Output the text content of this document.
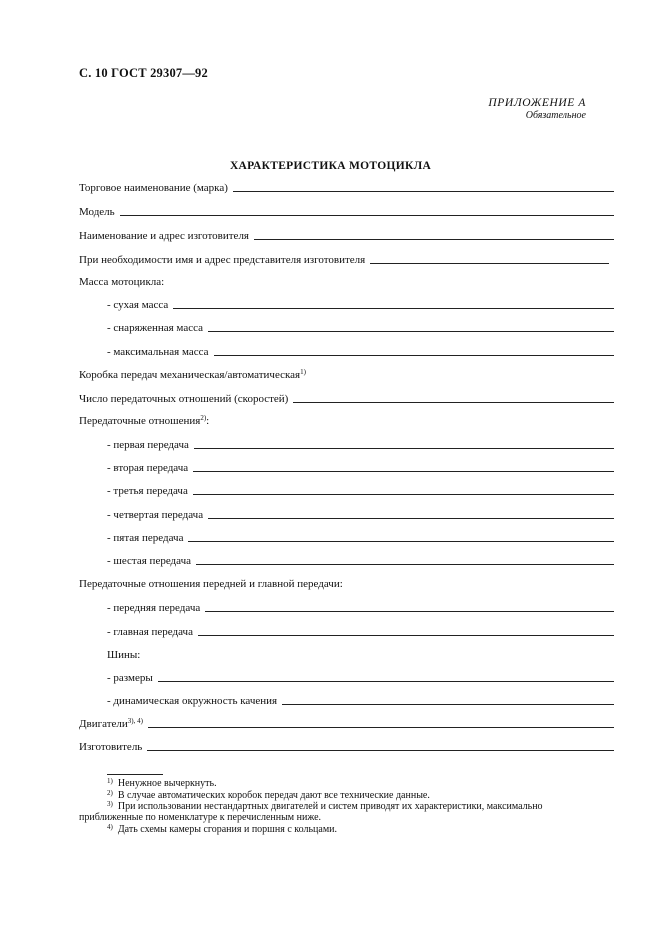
С. 10 ГОСТ 29307—92
ПРИЛОЖЕНИЕ А
Обязательное
ХАРАКТЕРИСТИКА МОТОЦИКЛА
Торговое наименование (марка)
Модель
Наименование и адрес изготовителя
При необходимости имя и адрес представителя изготовителя
Масса мотоцикла:
- сухая масса
- снаряженная масса
- максимальная масса
Коробка передач механическая/автоматическая$^{1)}$
Число передаточных отношений (скоростей)
Передаточные отношения$^{2)}$:
- первая передача
- вторая передача
- третья передача
- четвертая передача
- пятая передача
- шестая передача
Передаточные отношения передней и главной передачи:
- передняя передача
- главная передача
Шины:
- размеры
- динамическая окружность качения
Двигатели$^{3), 4)}$
Изготовитель
$^{1)}$ Ненужное вычеркнуть.
$^{2)}$ В случае автоматических коробок передач дают все технические данные.
$^{3)}$ При использовании нестандартных двигателей и систем приводят их характеристики, максимально
приближенные по номенклатуре к перечисленным ниже.
$^{4)}$ Дать схемы камеры сгорания и поршня с кольцами.
